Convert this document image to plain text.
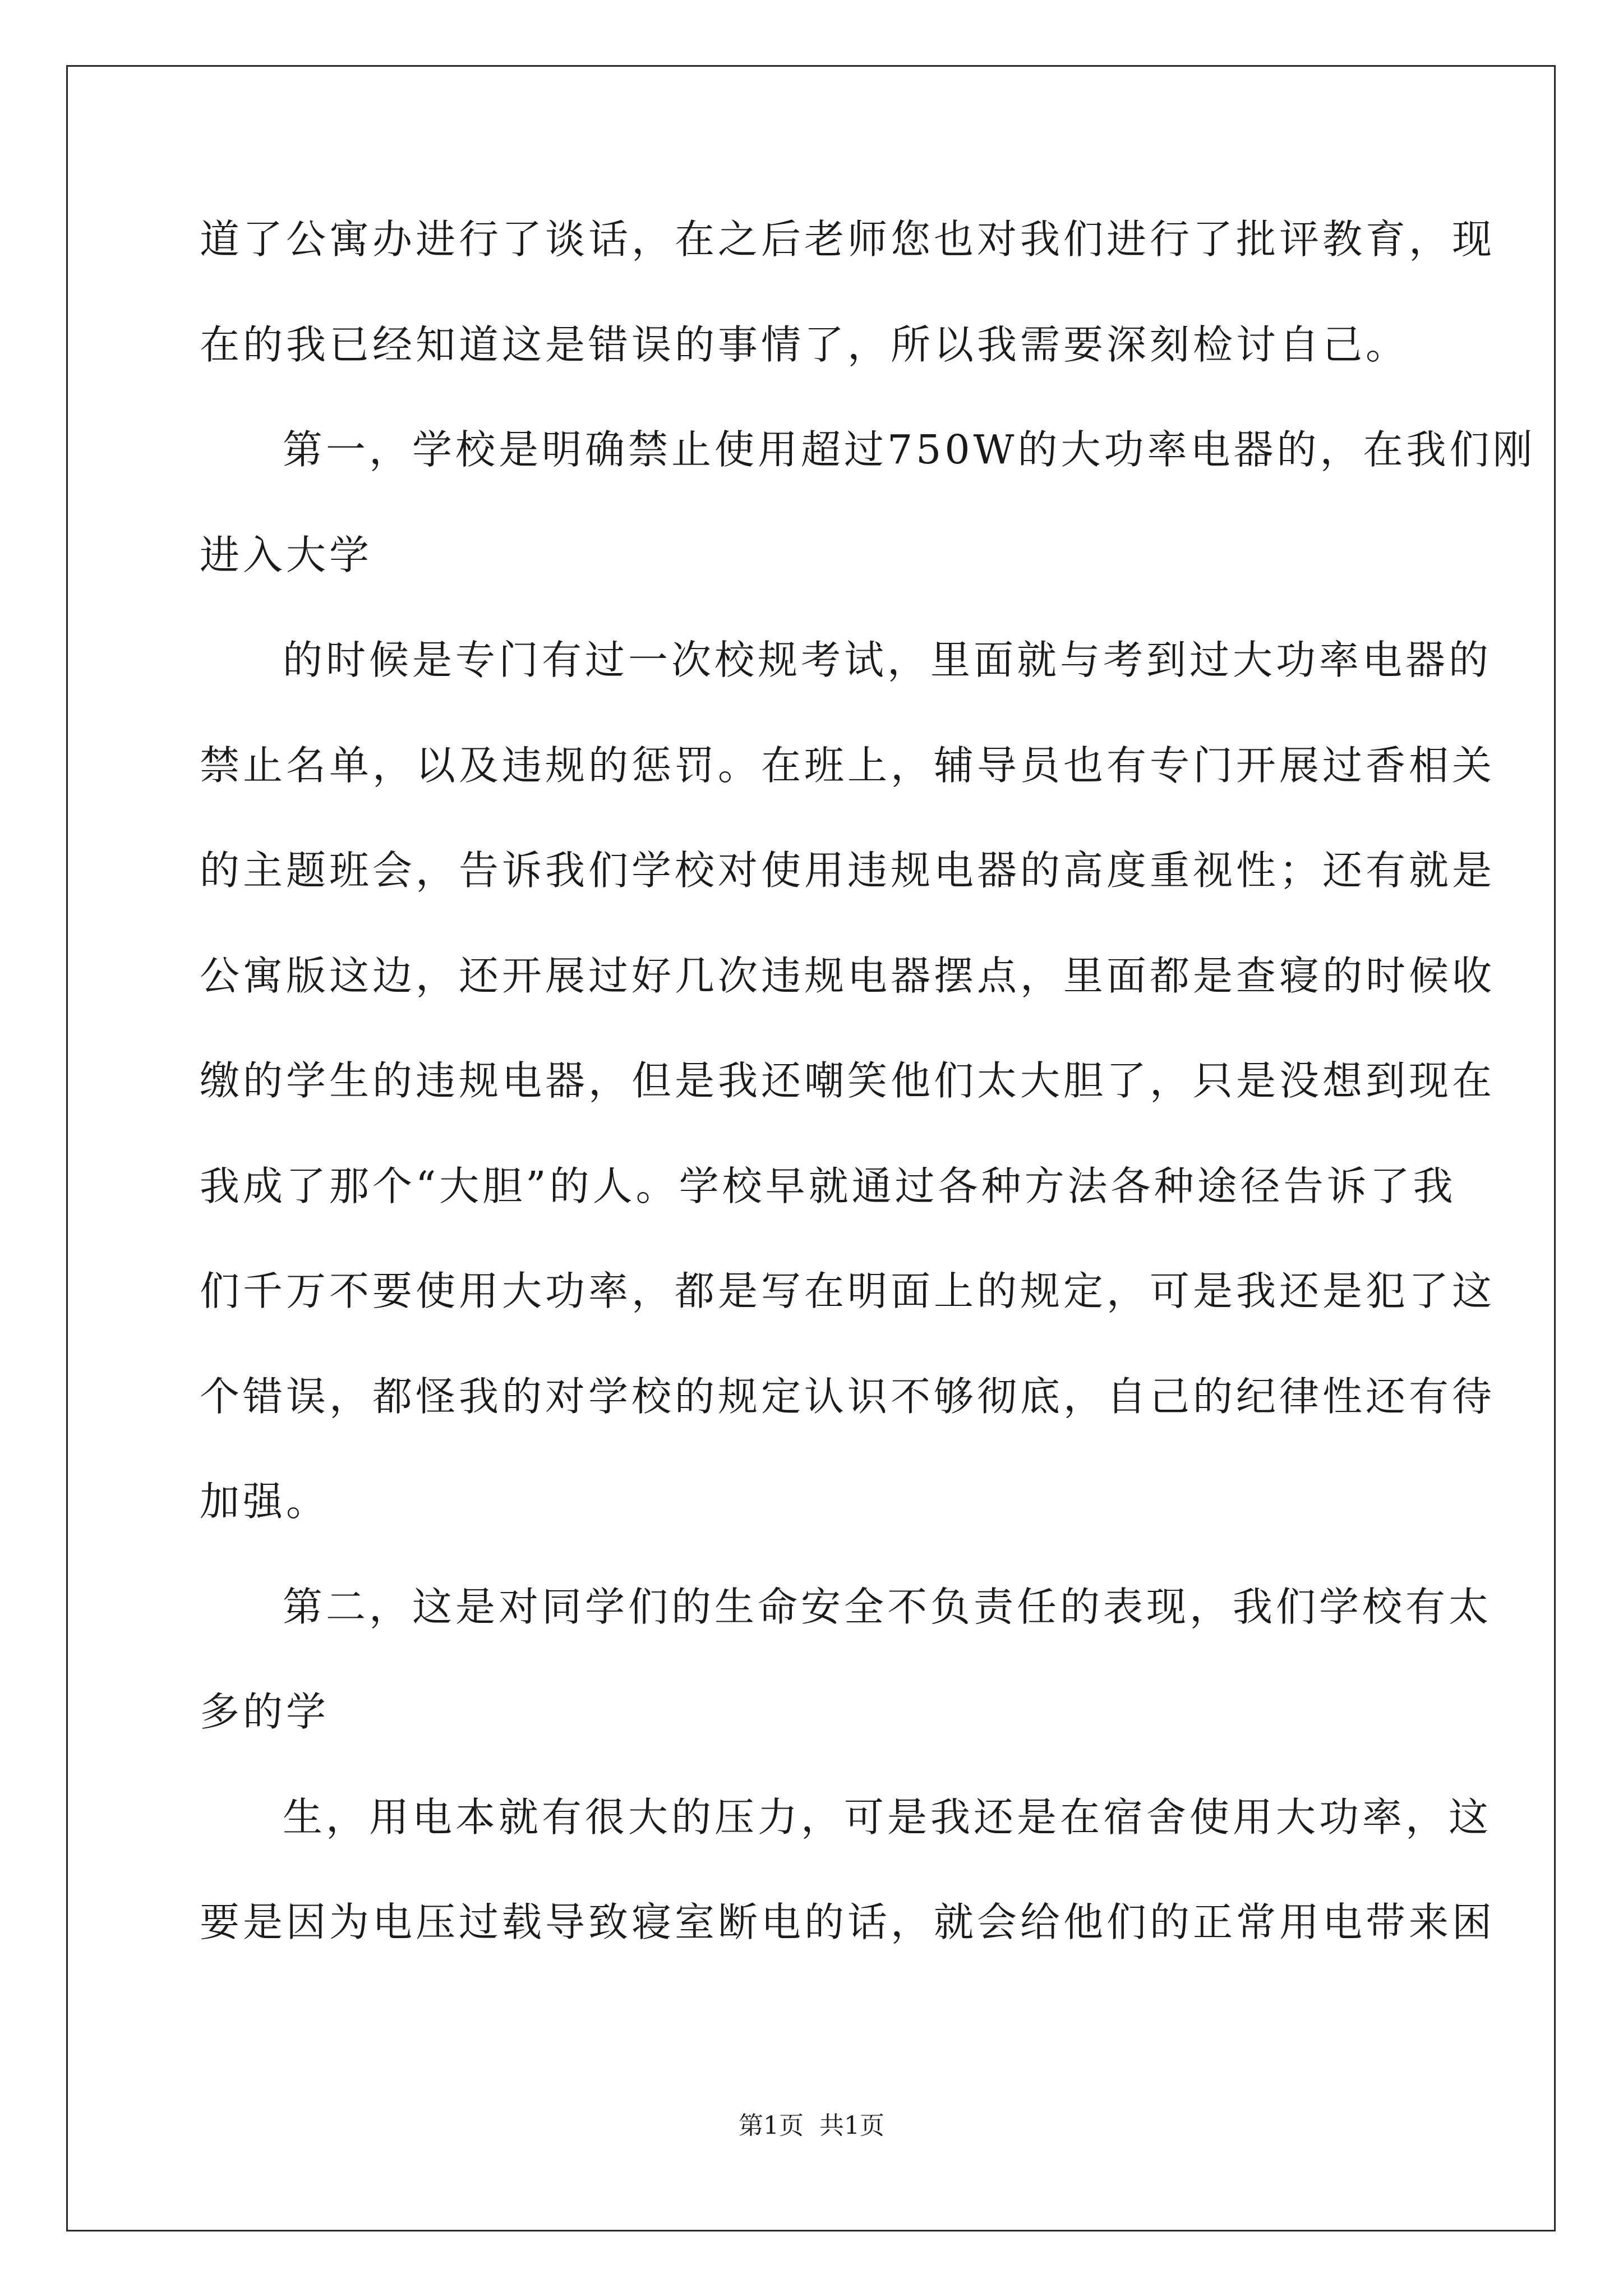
道了公寓办进行了谈话，在之后老师您也对我们进行了批评教育，现
在的我已经知道这是错误的事情了，所以我需要深刻检讨自己。
第一，学校是明确禁止使用超过750W的大功率电器的，在我们刚
进入大学
的时候是专门有过一次校规考试，里面就与考到过大功率电器的
禁止名单，以及违规的惩罚。在班上，辅导员也有专门开展过香相关
的主题班会，告诉我们学校对使用违规电器的高度重视性；还有就是
公寓版这边，还开展过好几次违规电器摆点，里面都是查寝的时候收
缴的学生的违规电器，但是我还嘲笑他们太大胆了，只是没想到现在
我成了那个“大胆”的人。学校早就通过各种方法各种途径告诉了我
们千万不要使用大功率，都是写在明面上的规定，可是我还是犯了这
个错误，都怪我的对学校的规定认识不够彻底，自己的纪律性还有待
加强。
第二，这是对同学们的生命安全不负责任的表现，我们学校有太
多的学
生，用电本就有很大的压力，可是我还是在宿舍使用大功率，这
要是因为电压过载导致寝室断电的话，就会给他们的正常用电带来困
第1页 共1页
